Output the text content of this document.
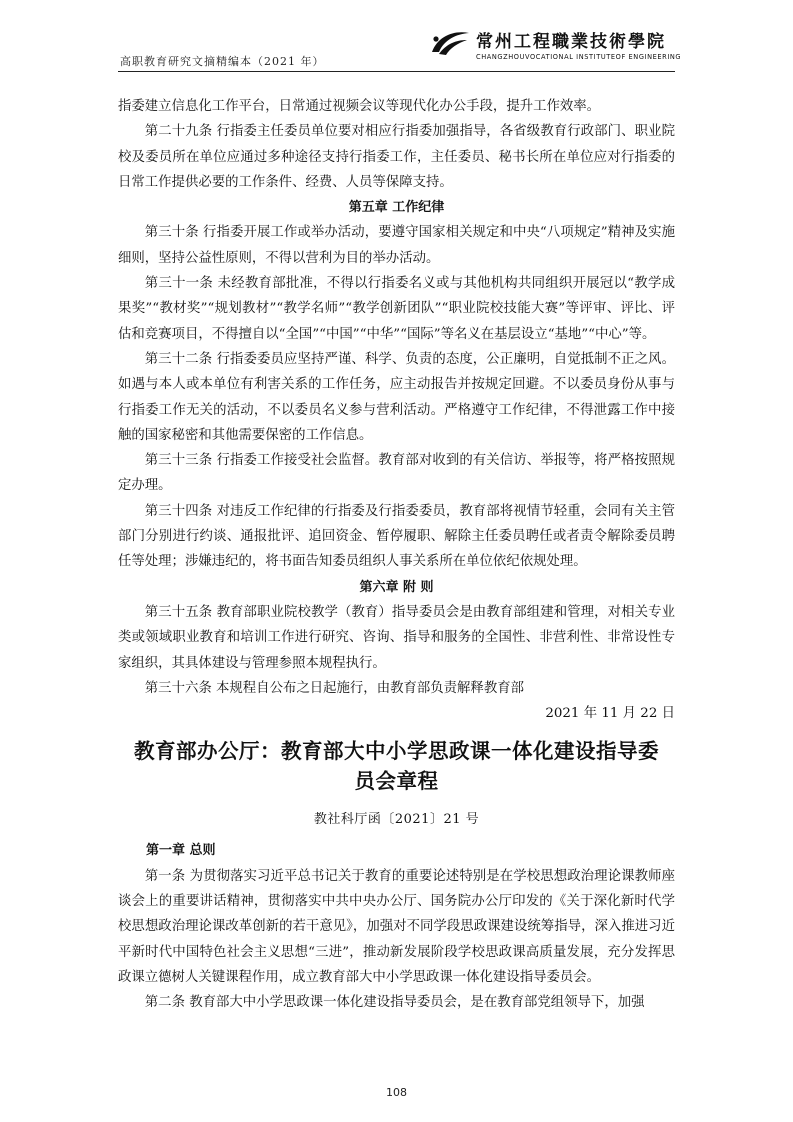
高职教育研究文摘精编本（2021 年）
常州工程職業技術學院
CHANGZHOUVOCATIONAL INSTITUTEOF ENGINEERING

指委建立信息化工作平台，日常通过视频会议等现代化办公手段，提升工作效率。

第二十九条 行指委主任委员单位要对相应行指委加强指导，各省级教育行政部门、职业院校及委员所在单位应通过多种途径支持行指委工作，主任委员、秘书长所在单位应对行指委的日常工作提供必要的工作条件、经费、人员等保障支持。

第五章 工作纪律

第三十条 行指委开展工作或举办活动，要遵守国家相关规定和中央“八项规定”精神及实施细则，坚持公益性原则，不得以营利为目的举办活动。

第三十一条 未经教育部批准，不得以行指委名义或与其他机构共同组织开展冠以“教学成果奖”“教材奖”“规划教材”“教学名师”“教学创新团队”“职业院校技能大赛”等评审、评比、评估和竞赛项目，不得擅自以“全国”“中国”“中华”“国际”等名义在基层设立“基地”“中心”等。

第三十二条 行指委委员应坚持严谨、科学、负责的态度，公正廉明，自觉抵制不正之风。如遇与本人或本单位有利害关系的工作任务，应主动报告并按规定回避。不以委员身份从事与行指委工作无关的活动，不以委员名义参与营利活动。严格遵守工作纪律，不得泄露工作中接触的国家秘密和其他需要保密的工作信息。

第三十三条 行指委工作接受社会监督。教育部对收到的有关信访、举报等，将严格按照规定办理。

第三十四条 对违反工作纪律的行指委及行指委委员，教育部将视情节轻重，会同有关主管部门分别进行约谈、通报批评、追回资金、暂停履职、解除主任委员聘任或者责令解除委员聘任等处理；涉嫌违纪的，将书面告知委员组织人事关系所在单位依纪依规处理。

第六章 附 则

第三十五条 教育部职业院校教学（教育）指导委员会是由教育部组建和管理，对相关专业类或领域职业教育和培训工作进行研究、咨询、指导和服务的全国性、非营利性、非常设性专家组织，其具体建设与管理参照本规程执行。

第三十六条 本规程自公布之日起施行，由教育部负责解释教育部

2021 年 11 月 22 日

教育部办公厅：教育部大中小学思政课一体化建设指导委
员会章程

教社科厅函〔2021〕21 号

第一章 总则

第一条 为贯彻落实习近平总书记关于教育的重要论述特别是在学校思想政治理论课教师座谈会上的重要讲话精神，贯彻落实中共中央办公厅、国务院办公厅印发的《关于深化新时代学校思想政治理论课改革创新的若干意见》，加强对不同学段思政课建设统筹指导，深入推进习近平新时代中国特色社会主义思想“三进”，推动新发展阶段学校思政课高质量发展，充分发挥思政课立德树人关键课程作用，成立教育部大中小学思政课一体化建设指导委员会。

第二条 教育部大中小学思政课一体化建设指导委员会，是在教育部党组领导下，加强

108
